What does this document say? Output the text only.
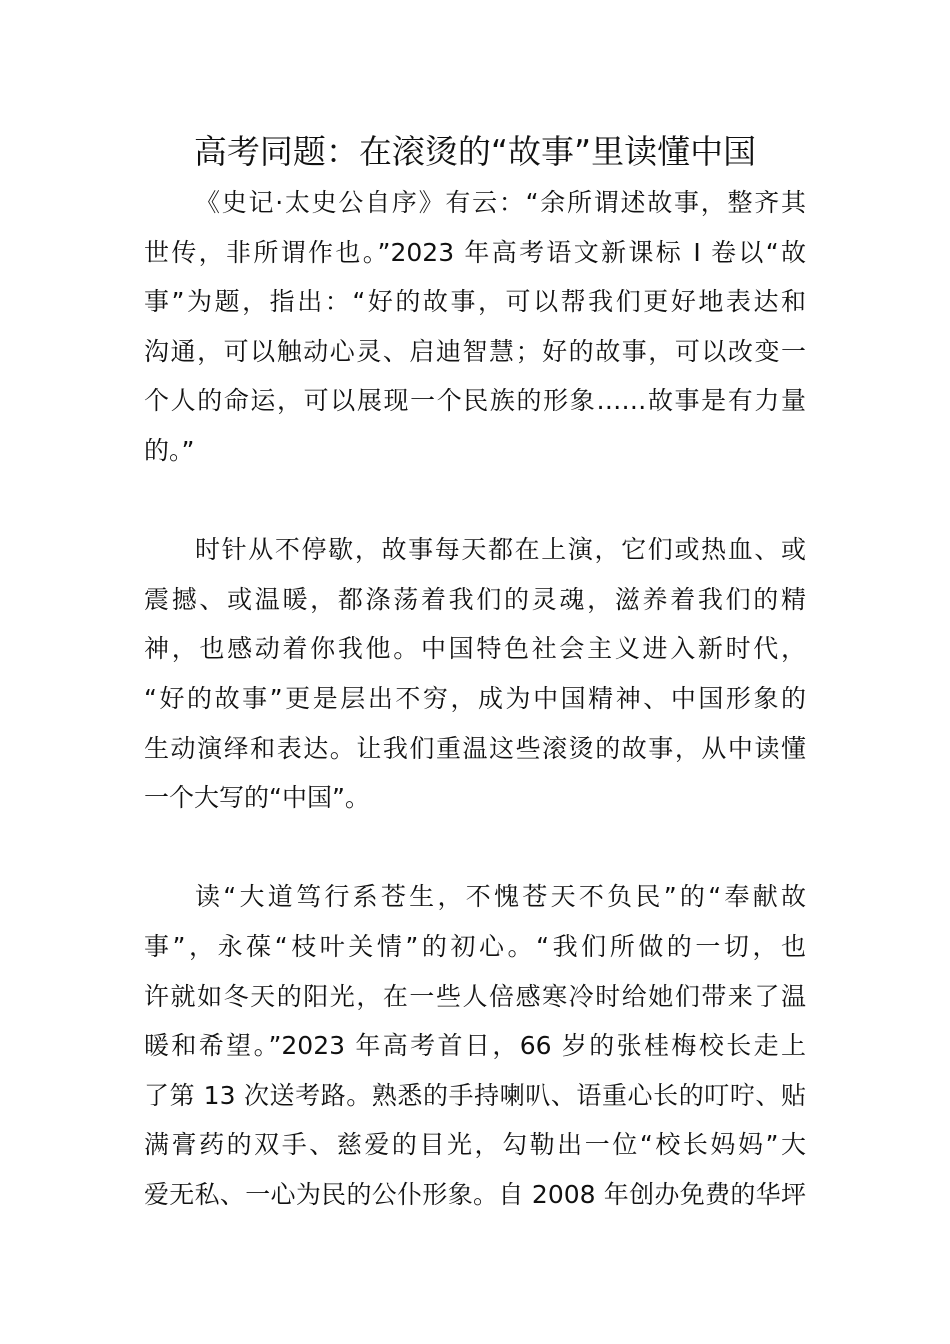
高考同题：在滚烫的“故事”里读懂中国

《史记·太史公自序》有云：“余所谓述故事，整齐其
世传，非所谓作也。”2023 年高考语文新课标 I 卷以“故
事”为题，指出：“好的故事，可以帮我们更好地表达和
沟通，可以触动心灵、启迪智慧；好的故事，可以改变一
个人的命运，可以展现一个民族的形象……故事是有力量
的。”

时针从不停歇，故事每天都在上演，它们或热血、或
震撼、或温暖，都涤荡着我们的灵魂，滋养着我们的精
神，也感动着你我他。中国特色社会主义进入新时代，
“好的故事”更是层出不穷，成为中国精神、中国形象的
生动演绎和表达。让我们重温这些滚烫的故事，从中读懂
一个大写的“中国”。

读“大道笃行系苍生，不愧苍天不负民”的“奉献故
事”，永葆“枝叶关情”的初心。“我们所做的一切，也
许就如冬天的阳光，在一些人倍感寒冷时给她们带来了温
暖和希望。”2023 年高考首日，66 岁的张桂梅校长走上
了第 13 次送考路。熟悉的手持喇叭、语重心长的叮咛、贴
满膏药的双手、慈爱的目光，勾勒出一位“校长妈妈”大
爱无私、一心为民的公仆形象。自 2008 年创办免费的华坪
